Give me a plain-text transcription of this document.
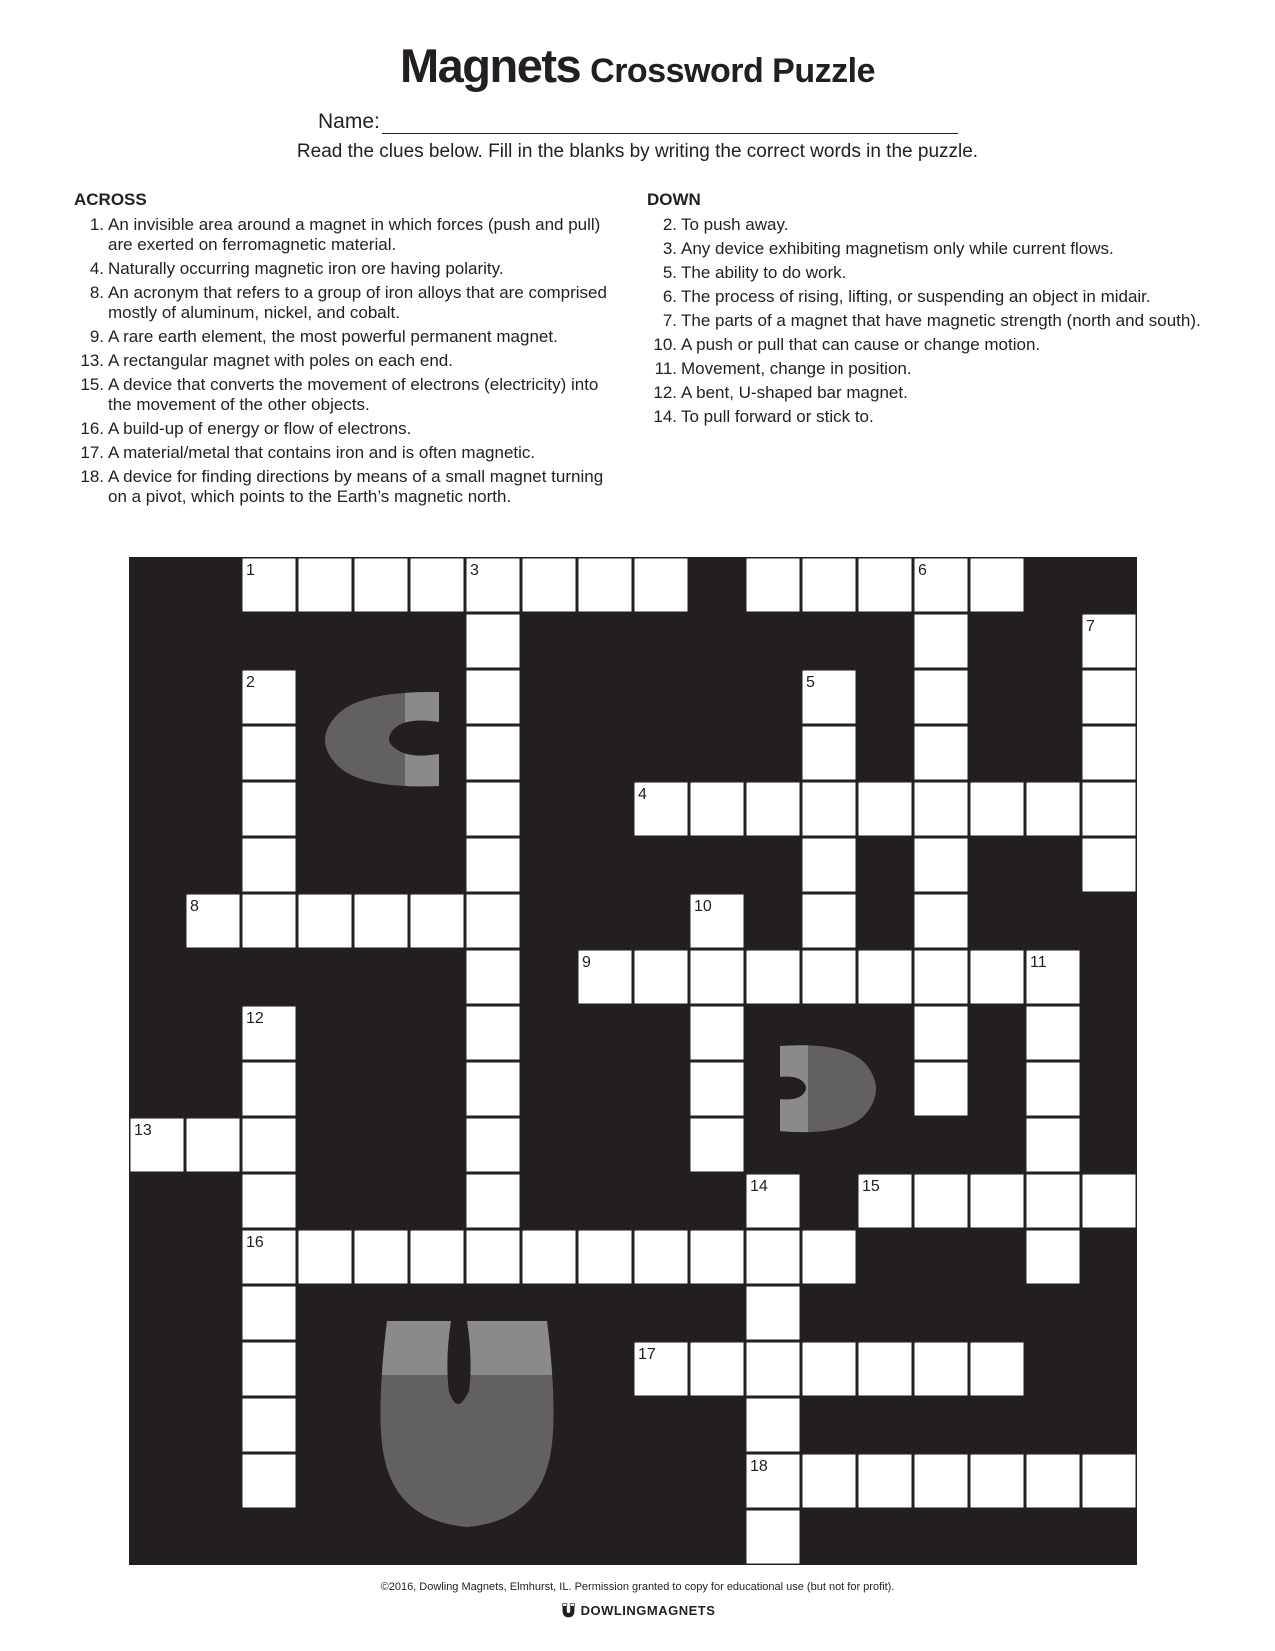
Magnets Crossword Puzzle
Name:
Read the clues below. Fill in the blanks by writing the correct words in the puzzle.
ACROSS
1. An invisible area around a magnet in which forces (push and pull) are exerted on ferromagnetic material.
4. Naturally occurring magnetic iron ore having polarity.
8. An acronym that refers to a group of iron alloys that are comprised mostly of aluminum, nickel, and cobalt.
9. A rare earth element, the most powerful permanent magnet.
13. A rectangular magnet with poles on each end.
15. A device that converts the movement of electrons (electricity) into the movement of the other objects.
16. A build-up of energy or flow of electrons.
17. A material/metal that contains iron and is often magnetic.
18. A device for finding directions by means of a small magnet turning on a pivot, which points to the Earth’s magnetic north.
DOWN
2. To push away.
3. Any device exhibiting magnetism only while current flows.
5. The ability to do work.
6. The process of rising, lifting, or suspending an object in midair.
7. The parts of a magnet that have magnetic strength (north and south).
10. A push or pull that can cause or change motion.
11. Movement, change in position.
12. A bent, U-shaped bar magnet.
14. To pull forward or stick to.
1	3	6
7
2	5
4
8	10
9	11
12
13
14	15
16
17
18
©2016, Dowling Magnets, Elmhurst, IL. Permission granted to copy for educational use (but not for profit).
DOWLINGMAGNETS
